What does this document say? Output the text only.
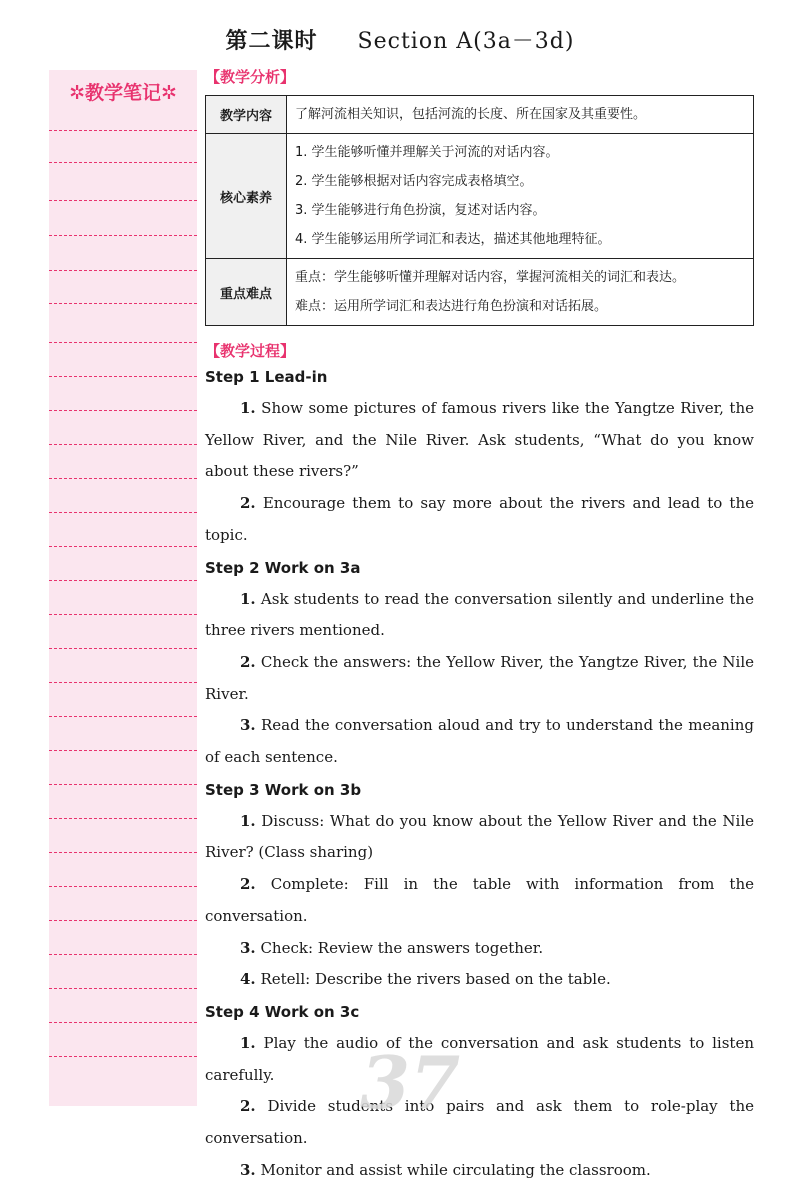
第二课时 Section A(3a－3d)
✲教学笔记✲
【教学分析】
教学内容	了解河流相关知识，包括河流的长度、所在国家及其重要性。

核心素养	1. 学生能够听懂并理解关于河流的对话内容。
2. 学生能够根据对话内容完成表格填空。
3. 学生能够进行角色扮演，复述对话内容。
4. 学生能够运用所学词汇和表达，描述其他地理特征。

重点难点	重点：学生能够听懂并理解对话内容，掌握河流相关的词汇和表达。
难点：运用所学词汇和表达进行角色扮演和对话拓展。
【教学过程】
Step 1 Lead-in
1. Show some pictures of famous rivers like the Yangtze River, the Yellow River, and the Nile River. Ask students, “What do you know about these rivers?”
2. Encourage them to say more about the rivers and lead to the topic.
Step 2 Work on 3a
1. Ask students to read the conversation silently and underline the three rivers mentioned.
2. Check the answers: the Yellow River, the Yangtze River, the Nile River.
3. Read the conversation aloud and try to understand the meaning of each sentence.
Step 3 Work on 3b
1. Discuss: What do you know about the Yellow River and the Nile River? (Class sharing)
2. Complete: Fill in the table with information from the conversation.
3. Check: Review the answers together.
4. Retell: Describe the rivers based on the table.
Step 4 Work on 3c
1. Play the audio of the conversation and ask students to listen carefully.
2. Divide students into pairs and ask them to role-play the conversation.
3. Monitor and assist while circulating the classroom.
37
